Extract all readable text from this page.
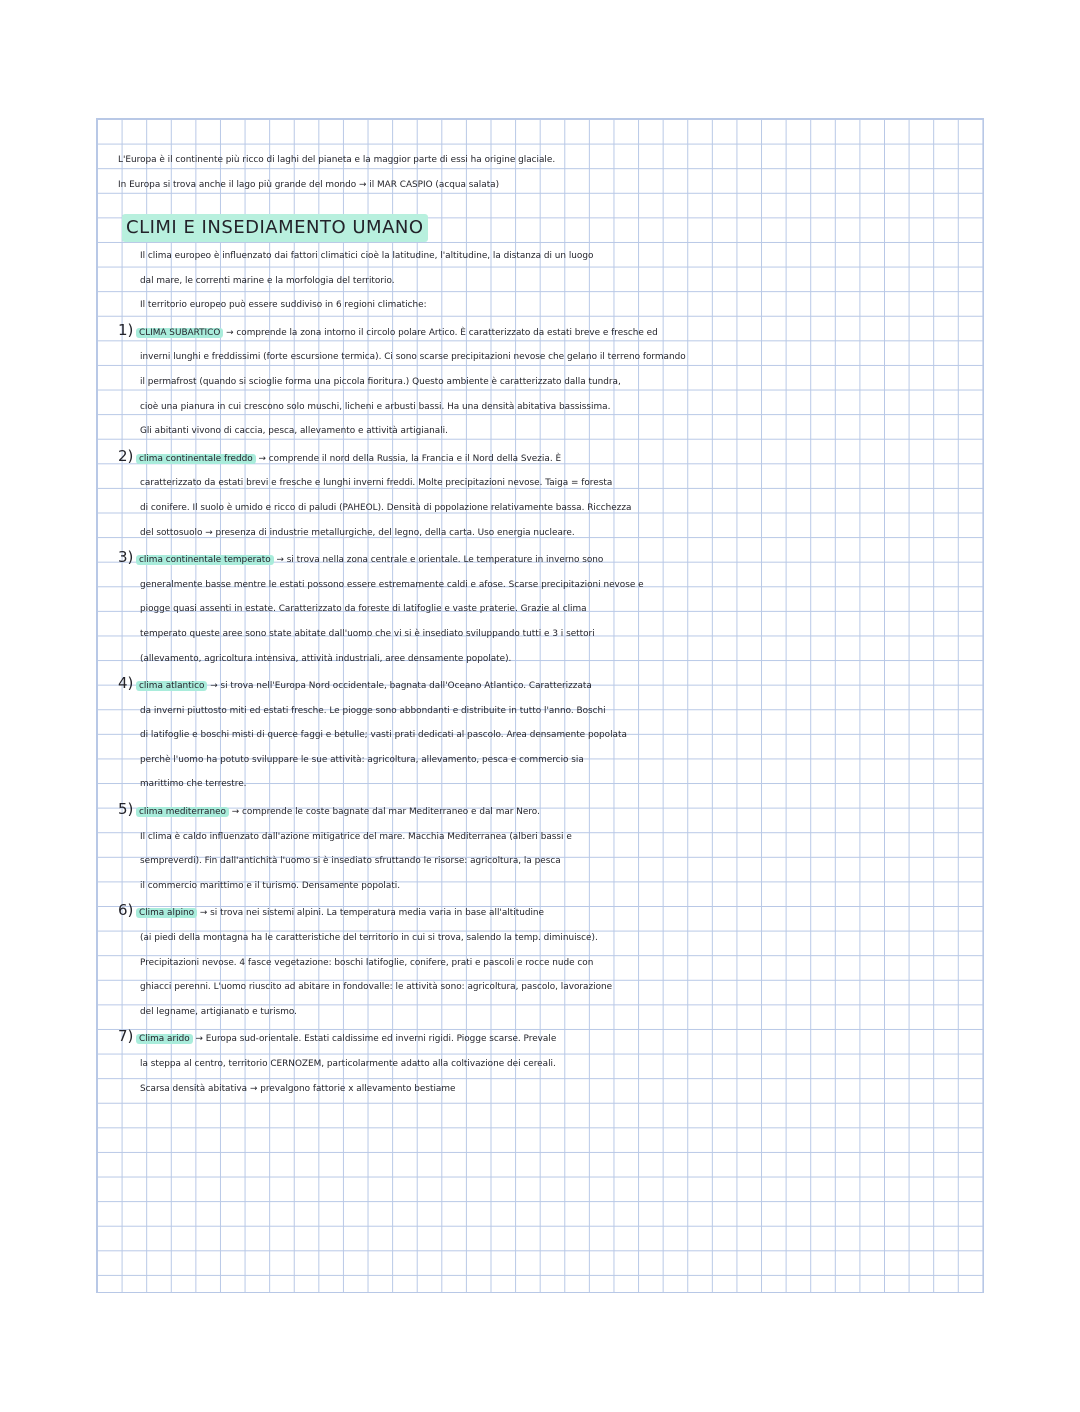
L'Europa è il continente più ricco di laghi del pianeta e la maggior parte di essi ha origine glaciale.
In Europa si trova anche il lago più grande del mondo → il MAR CASPIO (acqua salata)
CLIMI E INSEDIAMENTO UMANO
Il clima europeo è influenzato dai fattori climatici cioè la latitudine, l'altitudine, la distanza di un luogo
dal mare, le correnti marine e la morfologia del territorio.
Il territorio europeo può essere suddiviso in 6 regioni climatiche:
1) CLIMA SUBARTICO → comprende la zona intorno il circolo polare Artico. È caratterizzato da estati breve e fresche ed
inverni lunghi e freddissimi (forte escursione termica). Ci sono scarse precipitazioni nevose che gelano il terreno formando
il permafrost (quando si scioglie forma una piccola fioritura.) Questo ambiente è caratterizzato dalla tundra,
cioè una pianura in cui crescono solo muschi, licheni e arbusti bassi. Ha una densità abitativa bassissima.
Gli abitanti vivono di caccia, pesca, allevamento e attività artigianali.
2) clima continentale freddo → comprende il nord della Russia, la Francia e il Nord della Svezia. È
caratterizzato da estati brevi e fresche e lunghi inverni freddi. Molte precipitazioni nevose. Taiga = foresta
di conifere. Il suolo è umido e ricco di paludi (PAHEOL). Densità di popolazione relativamente bassa. Ricchezza
del sottosuolo → presenza di industrie metallurgiche, del legno, della carta. Uso energia nucleare.
3) clima continentale temperato → si trova nella zona centrale e orientale. Le temperature in inverno sono
generalmente basse mentre le estati possono essere estremamente caldi e afose. Scarse precipitazioni nevose e
piogge quasi assenti in estate. Caratterizzato da foreste di latifoglie e vaste praterie. Grazie al clima
temperato queste aree sono state abitate dall'uomo che vi si è insediato sviluppando tutti e 3 i settori
(allevamento, agricoltura intensiva, attività industriali, aree densamente popolate).
4) clima atlantico → si trova nell'Europa Nord occidentale, bagnata dall'Oceano Atlantico. Caratterizzata
da inverni piuttosto miti ed estati fresche. Le piogge sono abbondanti e distribuite in tutto l'anno. Boschi
di latifoglie e boschi misti di querce faggi e betulle; vasti prati dedicati al pascolo. Area densamente popolata
perchè l'uomo ha potuto sviluppare le sue attività: agricoltura, allevamento, pesca e commercio sia
marittimo che terrestre.
5) clima mediterraneo → comprende le coste bagnate dal mar Mediterraneo e dal mar Nero.
Il clima è caldo influenzato dall'azione mitigatrice del mare. Macchia Mediterranea (alberi bassi e
sempreverdi). Fin dall'antichità l'uomo si è insediato sfruttando le risorse: agricoltura, la pesca
il commercio marittimo e il turismo. Densamente popolati.
6) Clima alpino → si trova nei sistemi alpini. La temperatura media varia in base all'altitudine
(ai piedi della montagna ha le caratteristiche del territorio in cui si trova, salendo la temp. diminuisce).
Precipitazioni nevose. 4 fasce vegetazione: boschi latifoglie, conifere, prati e pascoli e rocce nude con
ghiacci perenni. L'uomo riuscito ad abitare in fondovalle: le attività sono: agricoltura, pascolo, lavorazione
del legname, artigianato e turismo.
7) Clima arido → Europa sud-orientale. Estati caldissime ed inverni rigidi. Piogge scarse. Prevale
la steppa al centro, territorio CERNOZEM, particolarmente adatto alla coltivazione dei cereali.
Scarsa densità abitativa → prevalgono fattorie x allevamento bestiame
